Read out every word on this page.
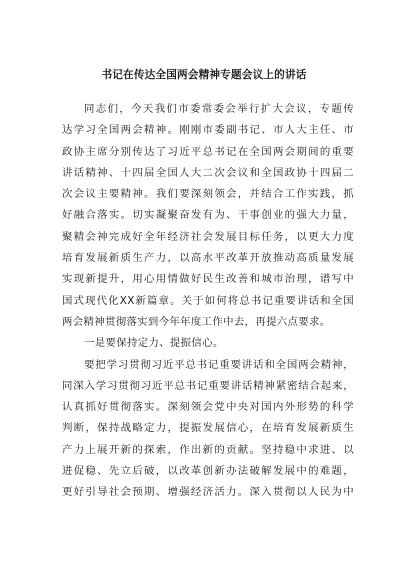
书记在传达全国两会精神专题会议上的讲话
同志们，今天我们市委常委会举行扩大会议，专题传
达学习全国两会精神。刚刚市委副书记、市人大主任、市
政协主席分别传达了习近平总书记在全国两会期间的重要
讲话精神、十四届全国人大二次会议和全国政协十四届二
次会议主要精神。我们要深刻领会，并结合工作实践，抓
好融合落实。切实凝聚奋发有为、干事创业的强大力量，
聚精会神完成好全年经济社会发展目标任务，以更大力度
培育发展新质生产力，以高水平改革开放推动高质量发展
实现新提升，用心用情做好民生改善和城市治理，谱写中
国式现代化XX新篇章。关于如何将总书记重要讲话和全国
两会精神贯彻落实到今年年度工作中去，再提六点要求。
一是要保持定力、提振信心。
要把学习贯彻习近平总书记重要讲话和全国两会精神，
同深入学习贯彻习近平总书记重要讲话精神紧密结合起来，
认真抓好贯彻落实。深刻领会党中央对国内外形势的科学
判断，保持战略定力，提振发展信心，在培育发展新质生
产力上展开新的探索，作出新的贡献。坚持稳中求进、以
进促稳、先立后破，以改革创新办法破解发展中的难题，
更好引导社会预期、增强经济活力。深入贯彻以人民为中
